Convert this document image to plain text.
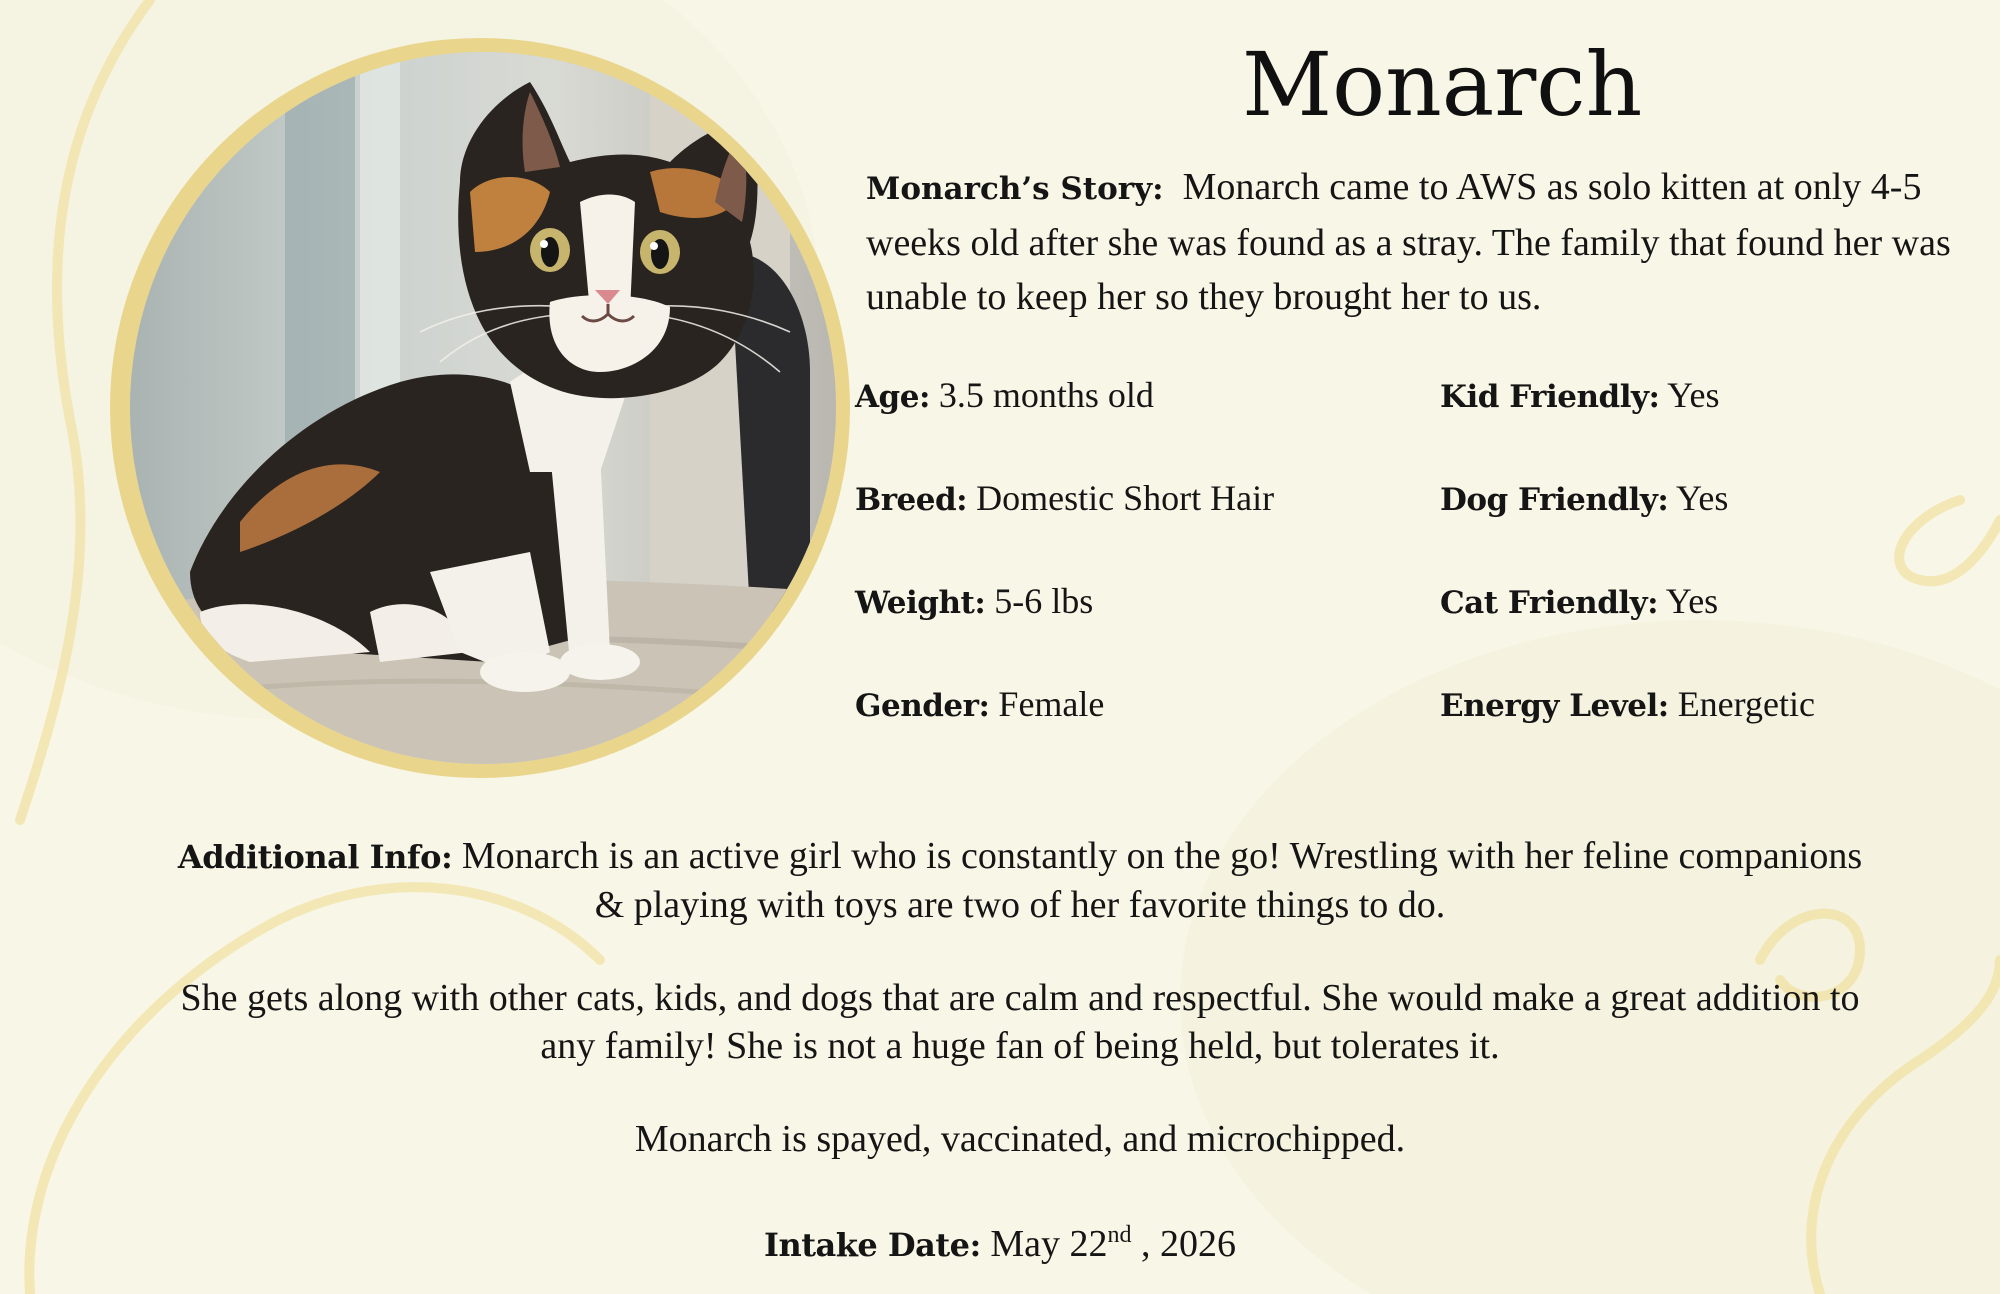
Monarch
Monarch’s Story: Monarch came to AWS as solo kitten at only 4-5 weeks old after she was found as a stray. The family that found her was unable to keep her so they brought her to us.
Age: 3.5 months old
Breed: Domestic Short Hair
Weight: 5-6 lbs
Gender: Female
Kid Friendly: Yes
Dog Friendly: Yes
Cat Friendly: Yes
Energy Level: Energetic

Additional Info: Monarch is an active girl who is constantly on the go! Wrestling with her feline companions & playing with toys are two of her favorite things to do.

She gets along with other cats, kids, and dogs that are calm and respectful. She would make a great addition to any family! She is not a huge fan of being held, but tolerates it.

Monarch is spayed, vaccinated, and microchipped.

Intake Date: May 22nd , 2026
